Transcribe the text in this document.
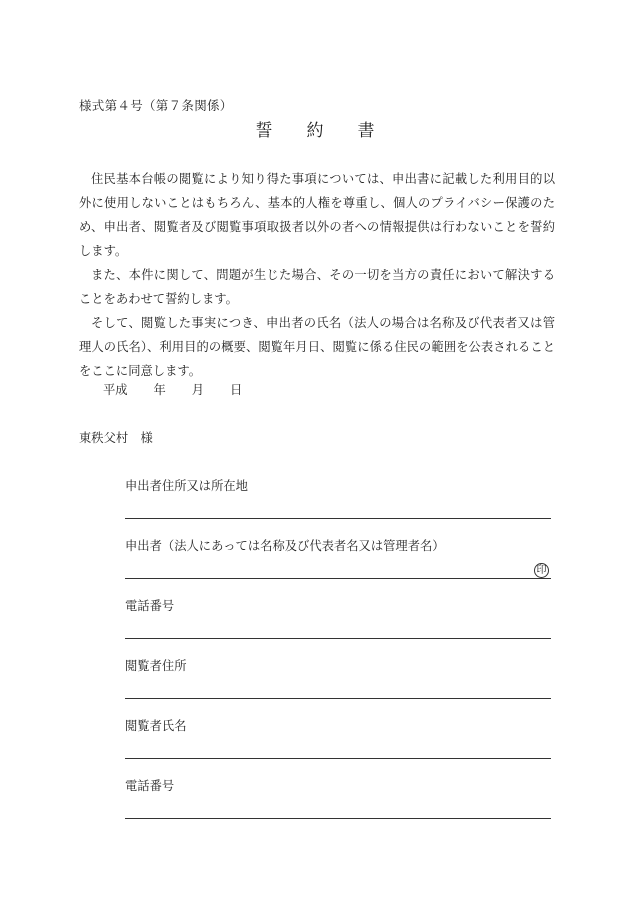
様式第４号（第７条関係）
誓 約 書

住民基本台帳の閲覧により知り得た事項については、申出書に記載した利用目的以外に使用しないことはもちろん、基本的人権を尊重し、個人のプライバシー保護のため、申出者、閲覧者及び閲覧事項取扱者以外の者への情報提供は行わないことを誓約します。

また、本件に関して、問題が生じた場合、その一切を当方の責任において解決することをあわせて誓約します。

そして、閲覧した事実につき、申出者の氏名（法人の場合は名称及び代表者又は管理人の氏名）、利用目的の概要、閲覧年月日、閲覧に係る住民の範囲を公表されることをここに同意します。

平成 年 月 日
東秩父村　様
申出者住所又は所在地
申出者（法人にあっては名称及び代表者名又は管理者名）
印
電話番号
閲覧者住所
閲覧者氏名
電話番号
